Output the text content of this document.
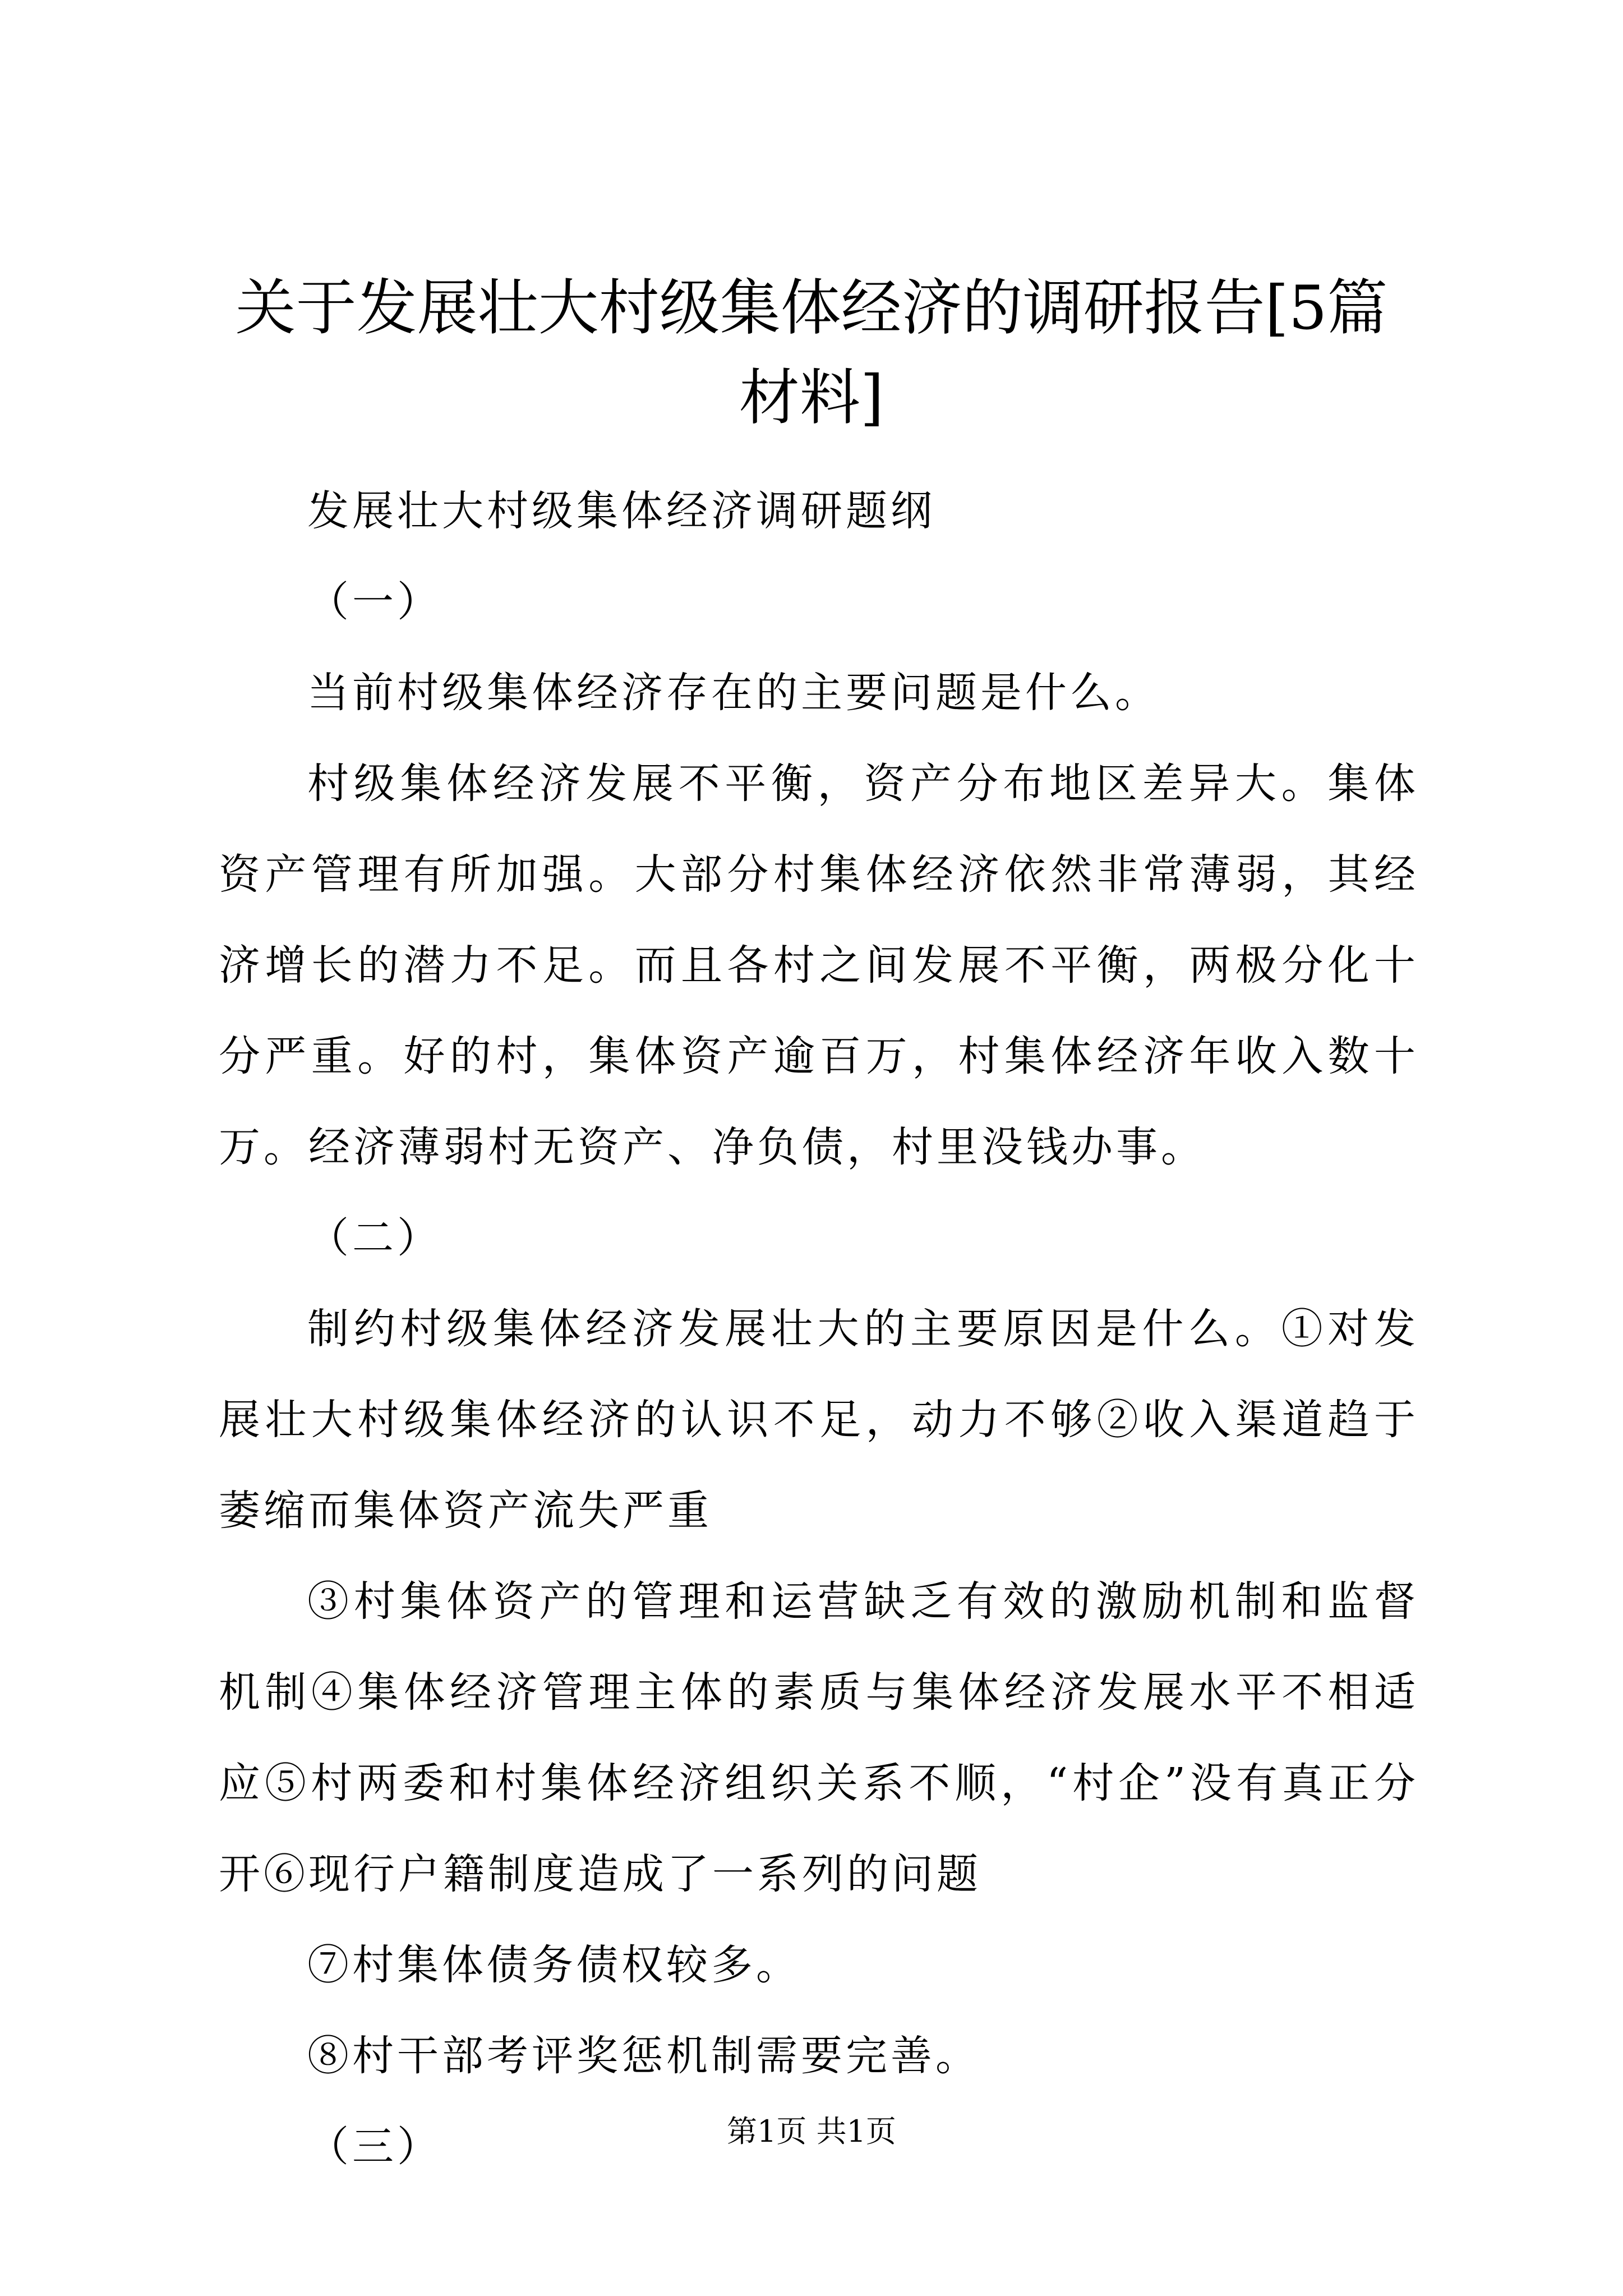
关于发展壮大村级集体经济的调研报告[5篇材料]

发展壮大村级集体经济调研题纲

（一）

当前村级集体经济存在的主要问题是什么。

村级集体经济发展不平衡，资产分布地区差异大。集体资产管理有所加强。大部分村集体经济依然非常薄弱，其经济增长的潜力不足。而且各村之间发展不平衡，两极分化十分严重。好的村，集体资产逾百万，村集体经济年收入数十万。经济薄弱村无资产、净负债，村里没钱办事。

（二）

制约村级集体经济发展壮大的主要原因是什么。①对发展壮大村级集体经济的认识不足，动力不够②收入渠道趋于萎缩而集体资产流失严重

③村集体资产的管理和运营缺乏有效的激励机制和监督机制④集体经济管理主体的素质与集体经济发展水平不相适应⑤村两委和村集体经济组织关系不顺，“村企”没有真正分开⑥现行户籍制度造成了一系列的问题

⑦村集体债务债权较多。

⑧村干部考评奖惩机制需要完善。

（三）	第1页 共1页
